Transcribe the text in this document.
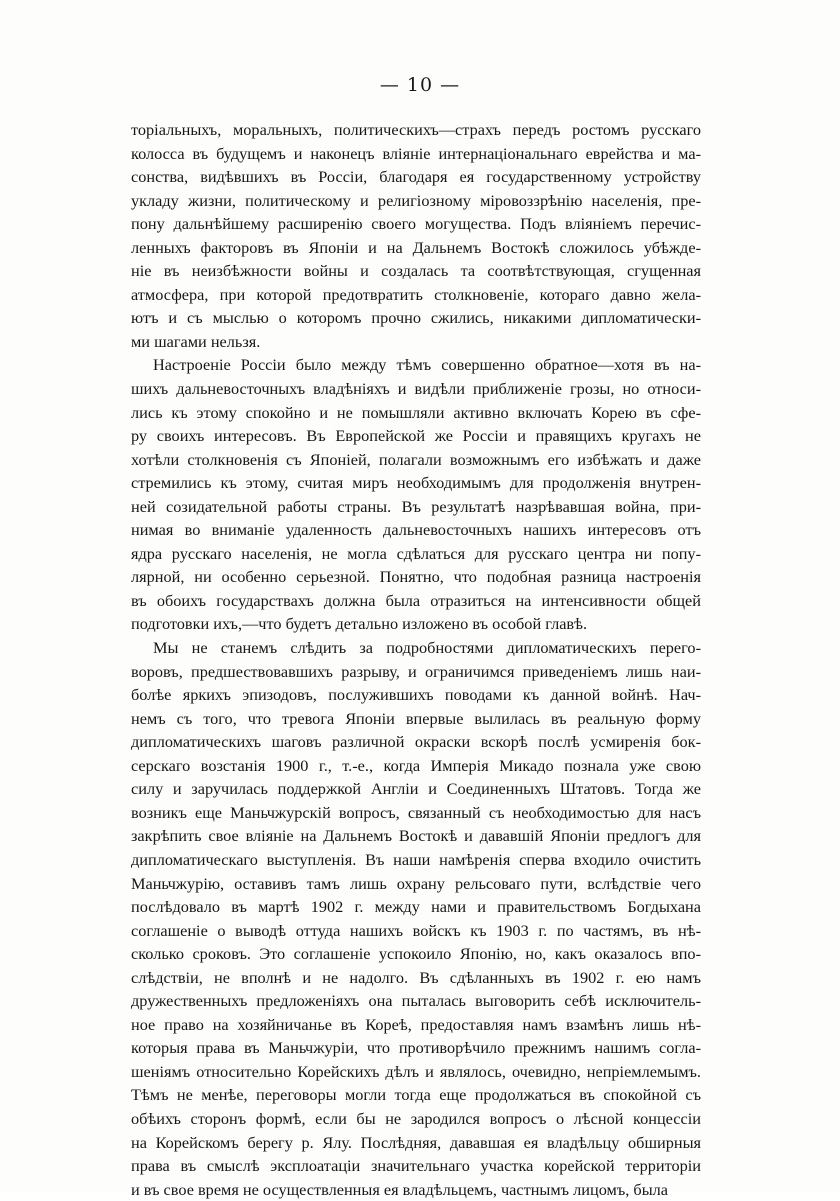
— 10 —
торіальныхъ, моральныхъ, политическихъ—страхъ передъ ростомъ русскаго
колосса въ будущемъ и наконецъ вліяніе интернаціональнаго еврейства и ма-
сонства, видѣвшихъ въ Россіи, благодаря ея государственному устройству
укладу жизни, политическому и религіозному міровоззрѣнію населенія, пре-
пону дальнѣйшему расширенію своего могущества. Подъ вліяніемъ перечис-
ленныхъ факторовъ въ Японіи и на Дальнемъ Востокѣ сложилось убѣжде-
ніе въ неизбѣжности войны и создалась та соотвѣтствующая, сгущенная
атмосфера, при которой предотвратить столкновеніе, котораго давно жела-
ютъ и съ мыслью о которомъ прочно сжились, никакими дипломатически-
ми шагами нельзя.
Настроеніе Россіи было между тѣмъ совершенно обратное—хотя въ на-
шихъ дальневосточныхъ владѣніяхъ и видѣли приближеніе грозы, но относи-
лись къ этому спокойно и не помышляли активно включать Корею въ сфе-
ру своихъ интересовъ. Въ Европейской же Россіи и правящихъ кругахъ не
хотѣли столкновенія съ Японіей, полагали возможнымъ его избѣжать и даже
стремились къ этому, считая миръ необходимымъ для продолженія внутрен-
ней созидательной работы страны. Въ результатѣ назрѣвавшая война, при-
нимая во вниманіе удаленность дальневосточныхъ нашихъ интересовъ отъ
ядра русскаго населенія, не могла сдѣлаться для русскаго центра ни попу-
лярной, ни особенно серьезной. Понятно, что подобная разница настроенія
въ обоихъ государствахъ должна была отразиться на интенсивности общей
подготовки ихъ,—что будетъ детально изложено въ особой главѣ.
Мы не станемъ слѣдить за подробностями дипломатическихъ перего-
воровъ, предшествовавшихъ разрыву, и ограничимся приведеніемъ лишь наи-
болѣе яркихъ эпизодовъ, послужившихъ поводами къ данной войнѣ. Нач-
немъ съ того, что тревога Японіи впервые вылилась въ реальную форму
дипломатическихъ шаговъ различной окраски вскорѣ послѣ усмиренія бок-
серскаго возстанія 1900 г., т.-е., когда Имперія Микадо познала уже свою
силу и заручилась поддержкой Англіи и Соединенныхъ Штатовъ. Тогда же
возникъ еще Маньчжурскій вопросъ, связанный съ необходимостью для насъ
закрѣпить свое вліяніе на Дальнемъ Востокѣ и дававшій Японіи предлогъ для
дипломатическаго выступленія. Въ наши намѣренія сперва входило очистить
Маньчжурію, оставивъ тамъ лишь охрану рельсоваго пути, вслѣдствіе чего
послѣдовало въ мартѣ 1902 г. между нами и правительствомъ Богдыхана
соглашеніе о выводѣ оттуда нашихъ войскъ къ 1903 г. по частямъ, въ нѣ-
сколько сроковъ. Это соглашеніе успокоило Японію, но, какъ оказалось впо-
слѣдствіи, не вполнѣ и не надолго. Въ сдѣланныхъ въ 1902 г. ею намъ
дружественныхъ предложеніяхъ она пыталась выговорить себѣ исключитель-
ное право на хозяйничанье въ Кореѣ, предоставляя намъ взамѣнъ лишь нѣ-
которыя права въ Маньчжуріи, что противорѣчило прежнимъ нашимъ согла-
шеніямъ относительно Корейскихъ дѣлъ и являлось, очевидно, непріемлемымъ.
Тѣмъ не менѣе, переговоры могли тогда еще продолжаться въ спокойной съ
обѣихъ сторонъ формѣ, если бы не зародился вопросъ о лѣсной концессіи
на Корейскомъ берегу р. Ялу. Послѣдняя, дававшая ея владѣльцу обширныя
права въ смыслѣ эксплоатаціи значительнаго участка корейской территоріи
и въ свое время не осуществленныя ея владѣльцемъ, частнымъ лицомъ, была
